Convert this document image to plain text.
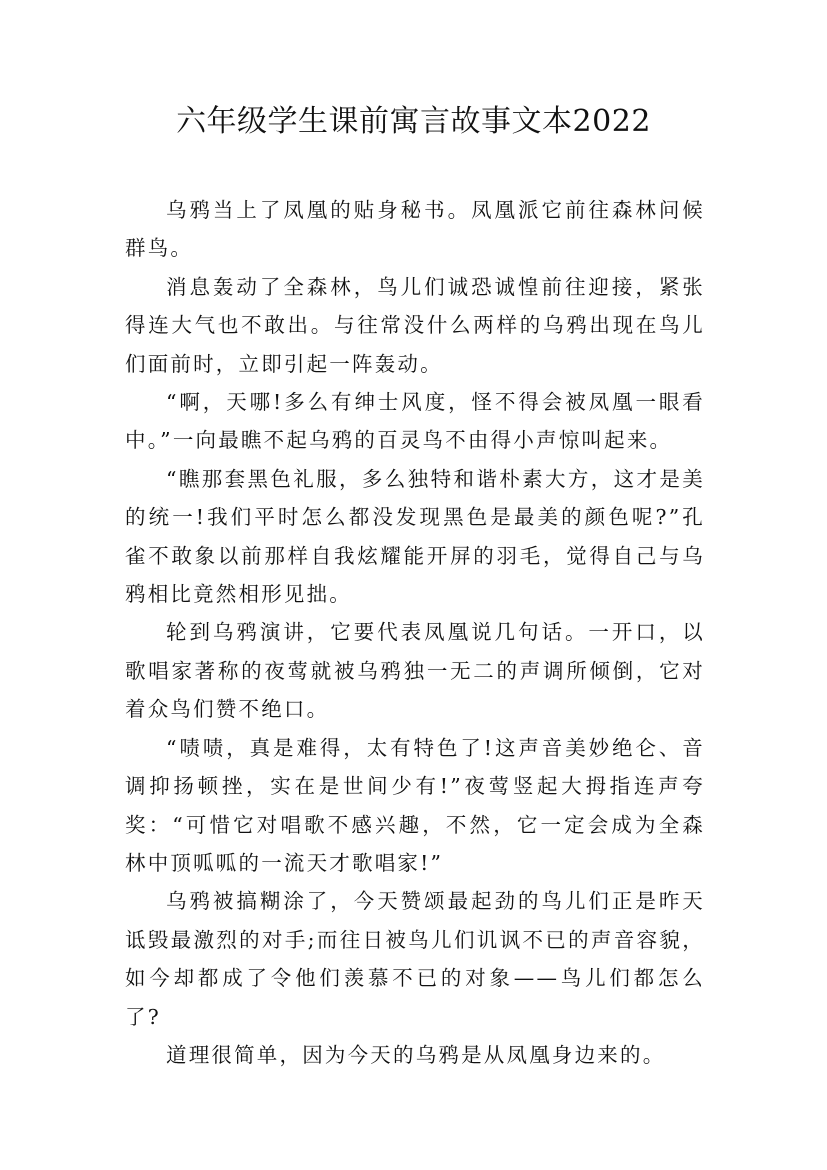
六年级学生课前寓言故事文本2022

乌鸦当上了凤凰的贴身秘书。凤凰派它前往森林问候群鸟。

消息轰动了全森林，鸟儿们诚恐诚惶前往迎接，紧张得连大气也不敢出。与往常没什么两样的乌鸦出现在鸟儿们面前时，立即引起一阵轰动。

“啊，天哪!多么有绅士风度，怪不得会被凤凰一眼看中。”一向最瞧不起乌鸦的百灵鸟不由得小声惊叫起来。

“瞧那套黑色礼服，多么独特和谐朴素大方，这才是美的统一!我们平时怎么都没发现黑色是最美的颜色呢?”孔雀不敢象以前那样自我炫耀能开屏的羽毛，觉得自己与乌鸦相比竟然相形见拙。

轮到乌鸦演讲，它要代表凤凰说几句话。一开口，以歌唱家著称的夜莺就被乌鸦独一无二的声调所倾倒，它对着众鸟们赞不绝口。

“啧啧，真是难得，太有特色了!这声音美妙绝仑、音调抑扬顿挫，实在是世间少有!”夜莺竖起大拇指连声夸奖：“可惜它对唱歌不感兴趣，不然，它一定会成为全森林中顶呱呱的一流天才歌唱家!”

乌鸦被搞糊涂了，今天赞颂最起劲的鸟儿们正是昨天诋毁最激烈的对手;而往日被鸟儿们讥讽不已的声音容貌，如今却都成了令他们羡慕不已的对象——鸟儿们都怎么了?

道理很简单，因为今天的乌鸦是从凤凰身边来的。
